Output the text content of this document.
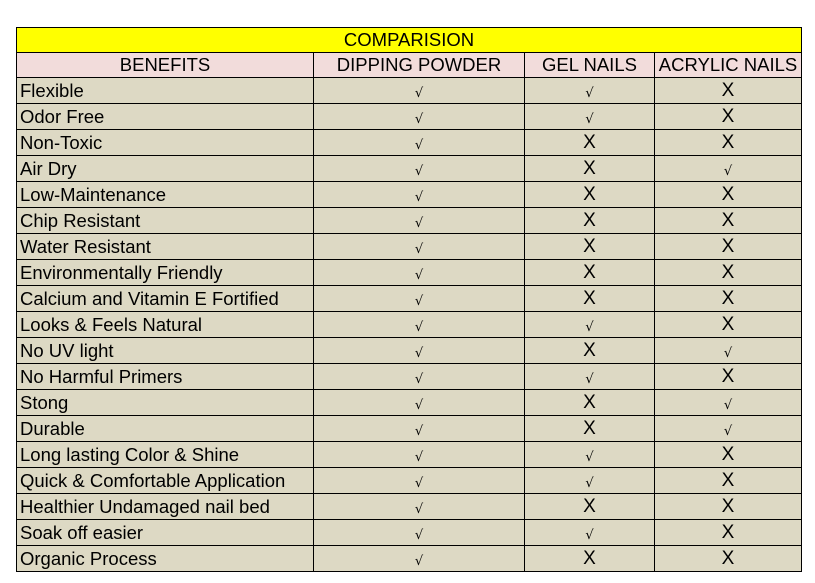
COMPARISION			
BENEFITS	DIPPING POWDER	GEL NAILS	ACRYLIC NAILS
Flexible	√	√	X
Odor Free	√	√	X
Non-Toxic	√	X	X
Air Dry	√	X	√
Low-Maintenance	√	X	X
Chip Resistant	√	X	X
Water Resistant	√	X	X
Environmentally Friendly	√	X	X
Calcium and Vitamin E Fortified	√	X	X
Looks & Feels Natural	√	√	X
No UV light	√	X	√
No Harmful Primers	√	√	X
Stong	√	X	√
Durable	√	X	√
Long lasting Color & Shine	√	√	X
Quick & Comfortable Application	√	√	X
Healthier Undamaged nail bed	√	X	X
Soak off easier	√	√	X
Organic Process	√	X	X
